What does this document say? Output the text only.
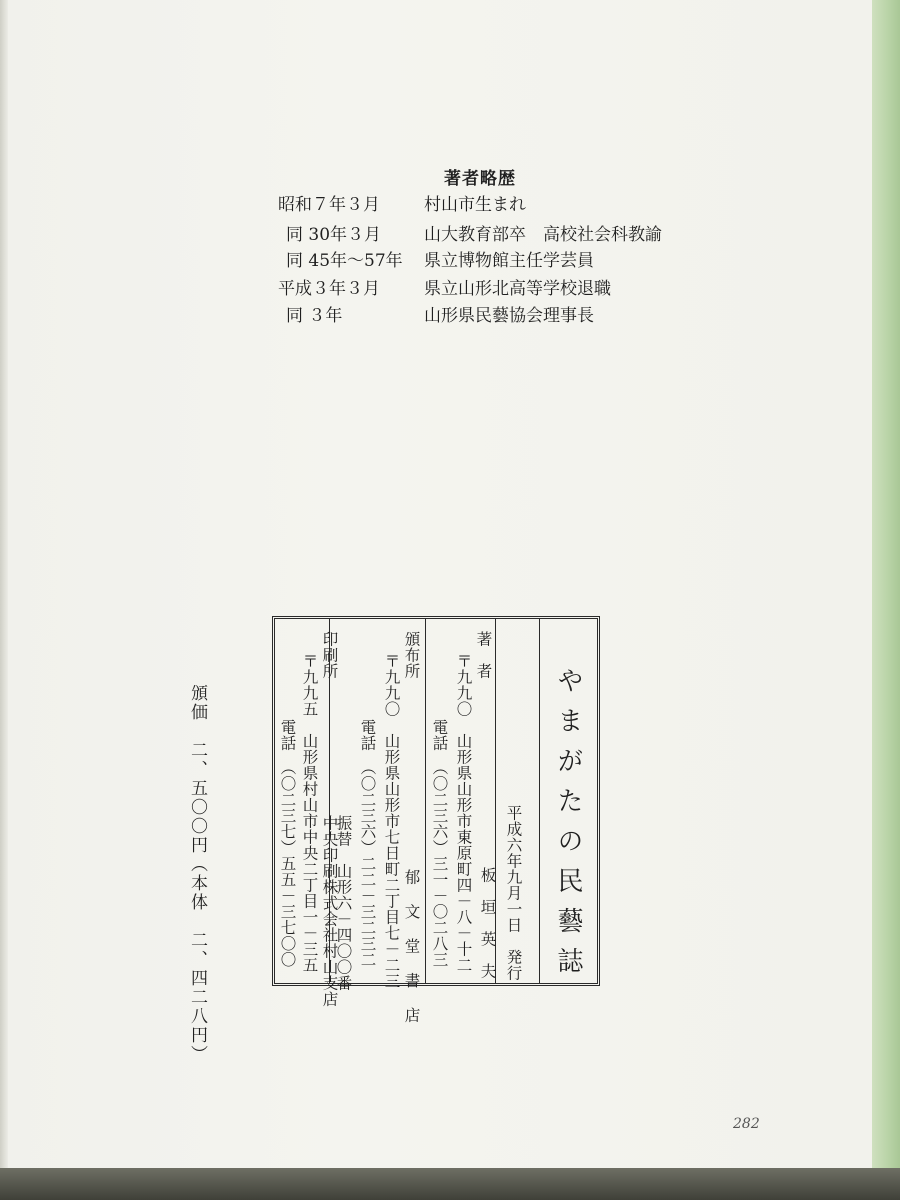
著者略歴
昭和７年３月	村山市生まれ
同 30年３月	山大教育部卒　高校社会科教諭
同 45年～57年 県立博物館主任学芸員
平成３年３月	県立山形北高等学校退職
同 ３年	山形県民藝協会理事長
やまがたの民藝誌
平成六年九月一日　発行
著　者
〒九九〇　山形県山形市東原町四－八－十二 板　垣　英　夫
電話　（〇二三六）三一－〇二八三
頒布所
〒九九〇　山形県山形市七日町二丁目七－二三 郁 文 堂 書 店
電話　（〇二三六）二二－三二三二
振替　山形六－四〇〇番
印刷所
〒九九五　山形県村山市中央二丁目一－三五 中央印刷株式会社村山支店
電話　（〇二三七）五五－三七〇〇
頒価　二、五〇〇円（本体　二、四二八円）
282
